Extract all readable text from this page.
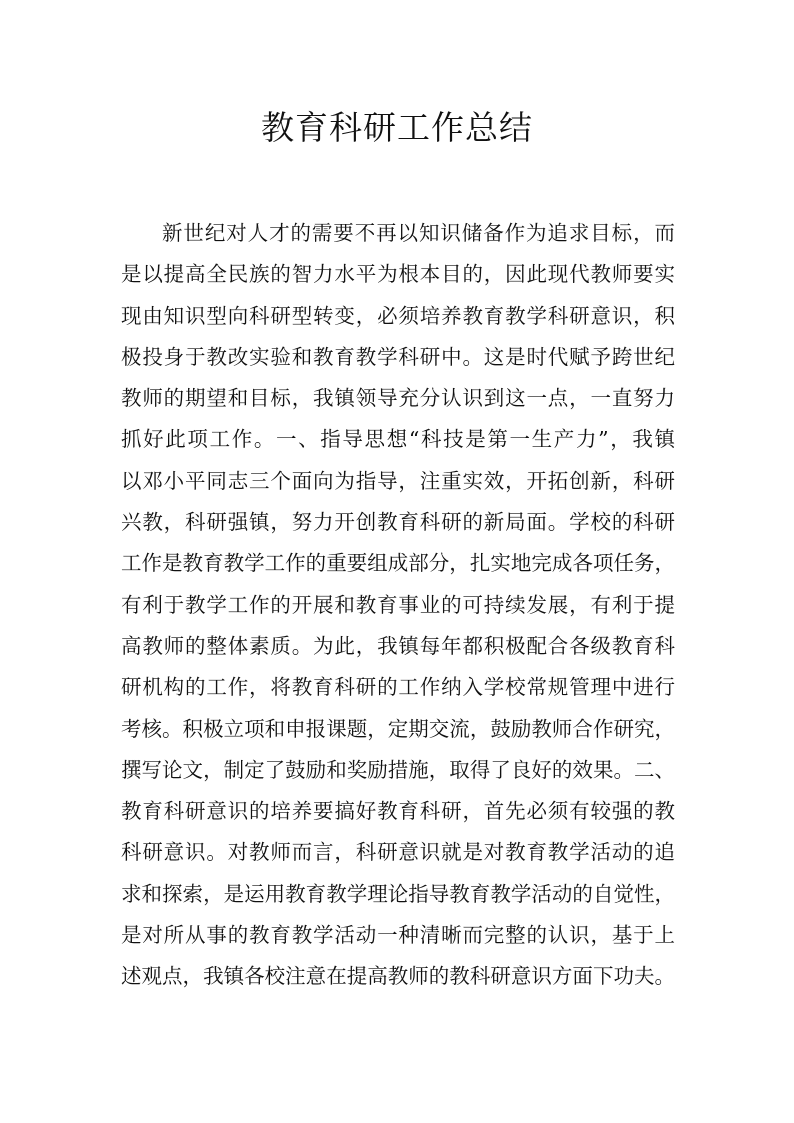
教育科研工作总结
新世纪对人才的需要不再以知识储备作为追求目标，而
是以提高全民族的智力水平为根本目的，因此现代教师要实
现由知识型向科研型转变，必须培养教育教学科研意识，积
极投身于教改实验和教育教学科研中。这是时代赋予跨世纪
教师的期望和目标，我镇领导充分认识到这一点，一直努力
抓好此项工作。一、指导思想“科技是第一生产力”，我镇
以邓小平同志三个面向为指导，注重实效，开拓创新，科研
兴教，科研强镇，努力开创教育科研的新局面。学校的科研
工作是教育教学工作的重要组成部分，扎实地完成各项任务，
有利于教学工作的开展和教育事业的可持续发展，有利于提
高教师的整体素质。为此，我镇每年都积极配合各级教育科
研机构的工作，将教育科研的工作纳入学校常规管理中进行
考核。积极立项和申报课题，定期交流，鼓励教师合作研究，
撰写论文，制定了鼓励和奖励措施，取得了良好的效果。二、
教育科研意识的培养要搞好教育科研，首先必须有较强的教
科研意识。对教师而言，科研意识就是对教育教学活动的追
求和探索，是运用教育教学理论指导教育教学活动的自觉性，
是对所从事的教育教学活动一种清晰而完整的认识，基于上
述观点，我镇各校注意在提高教师的教科研意识方面下功夫。
